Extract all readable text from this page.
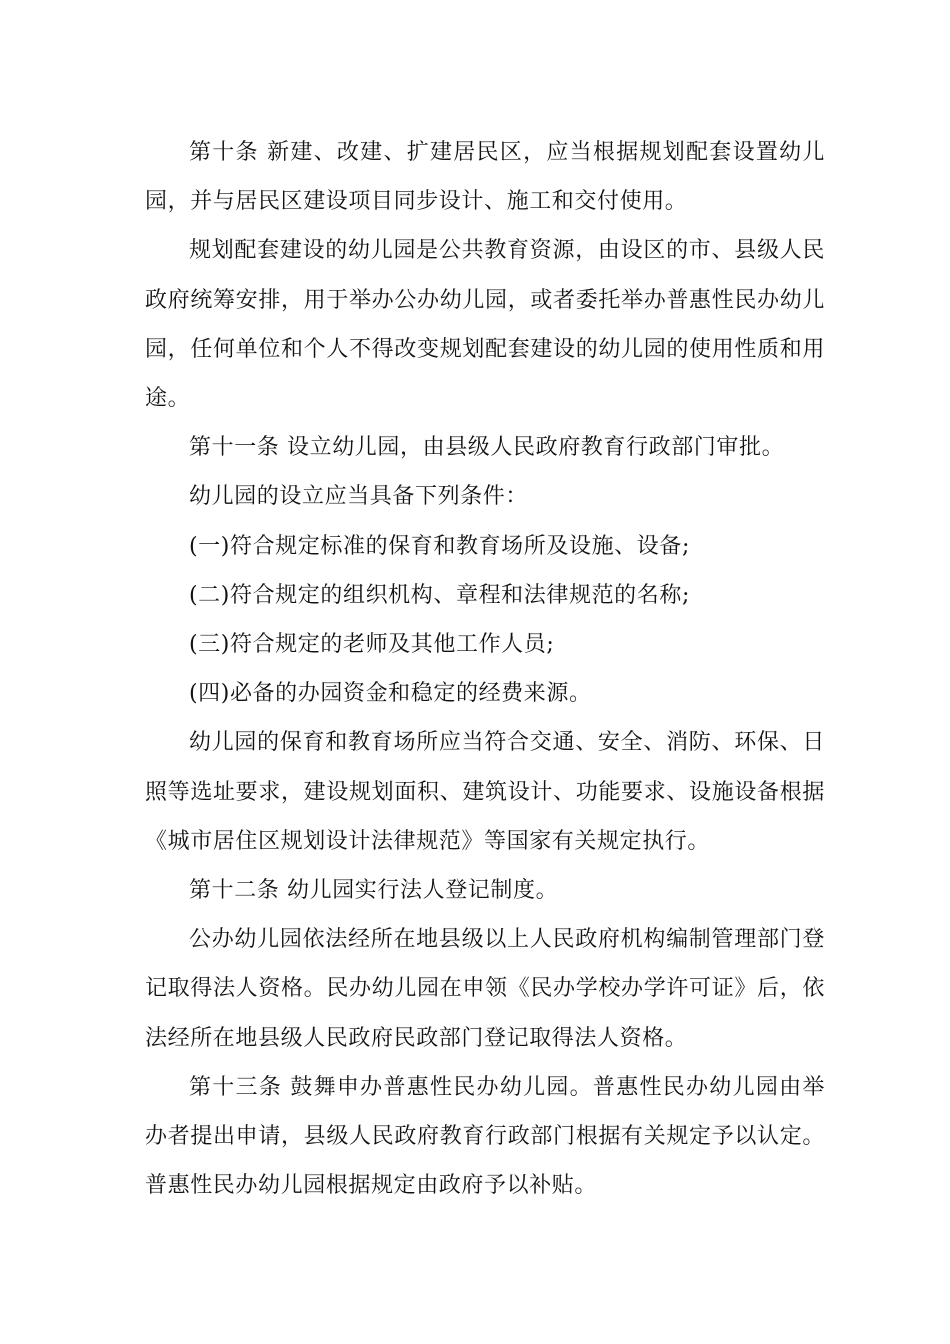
第十条 新建、改建、扩建居民区，应当根据规划配套设置幼儿园，并与居民区建设项目同步设计、施工和交付使用。

规划配套建设的幼儿园是公共教育资源，由设区的市、县级人民政府统筹安排，用于举办公办幼儿园，或者委托举办普惠性民办幼儿园，任何单位和个人不得改变规划配套建设的幼儿园的使用性质和用途。

第十一条 设立幼儿园，由县级人民政府教育行政部门审批。

幼儿园的设立应当具备下列条件：

(一)符合规定标准的保育和教育场所及设施、设备;

(二)符合规定的组织机构、章程和法律规范的名称;

(三)符合规定的老师及其他工作人员;

(四)必备的办园资金和稳定的经费来源。

幼儿园的保育和教育场所应当符合交通、安全、消防、环保、日照等选址要求，建设规划面积、建筑设计、功能要求、设施设备根据《城市居住区规划设计法律规范》等国家有关规定执行。

第十二条 幼儿园实行法人登记制度。

公办幼儿园依法经所在地县级以上人民政府机构编制管理部门登记取得法人资格。民办幼儿园在申领《民办学校办学许可证》后，依法经所在地县级人民政府民政部门登记取得法人资格。

第十三条 鼓舞申办普惠性民办幼儿园。普惠性民办幼儿园由举办者提出申请，县级人民政府教育行政部门根据有关规定予以认定。普惠性民办幼儿园根据规定由政府予以补贴。
